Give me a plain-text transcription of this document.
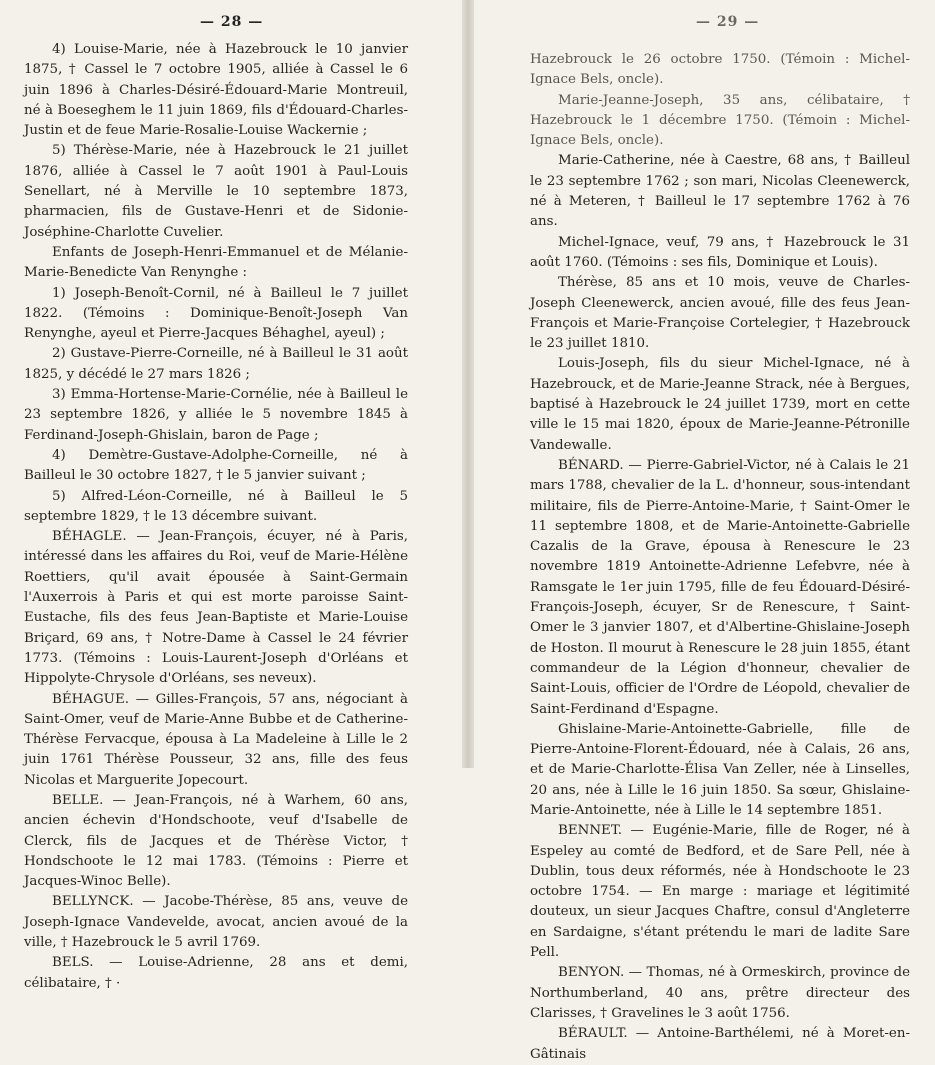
— 28 —

4) Louise-Marie, née à Hazebrouck le 10 janvier 1875, † Cassel le 7 octobre 1905, alliée à Cassel le 6 juin 1896 à Charles-Désiré-Édouard-Marie Montreuil, né à Boeseghem le 11 juin 1869, fils d'Édouard-Charles-Justin et de feue Marie-Rosalie-Louise Wackernie ;

5) Thérèse-Marie, née à Hazebrouck le 21 juillet 1876, alliée à Cassel le 7 août 1901 à Paul-Louis Senellart, né à Merville le 10 septembre 1873, pharmacien, fils de Gustave-Henri et de Sidonie-Joséphine-Charlotte Cuvelier.

Enfants de Joseph-Henri-Emmanuel et de Mélanie-Marie-Benedicte Van Renynghe :

1) Joseph-Benoît-Cornil, né à Bailleul le 7 juillet 1822. (Témoins : Dominique-Benoît-Joseph Van Renynghe, ayeul et Pierre-Jacques Béhaghel, ayeul) ;

2) Gustave-Pierre-Corneille, né à Bailleul le 31 août 1825, y décédé le 27 mars 1826 ;

3) Emma-Hortense-Marie-Cornélie, née à Bailleul le 23 septembre 1826, y alliée le 5 novembre 1845 à Ferdinand-Joseph-Ghislain, baron de Page ;

4) Demètre-Gustave-Adolphe-Corneille, né à Bailleul le 30 octobre 1827, † le 5 janvier suivant ;

5) Alfred-Léon-Corneille, né à Bailleul le 5 septembre 1829, † le 13 décembre suivant.

BÉHAGLE. — Jean-François, écuyer, né à Paris, intéressé dans les affaires du Roi, veuf de Marie-Hélène Roettiers, qu'il avait épousée à Saint-Germain l'Auxerrois à Paris et qui est morte paroisse Saint-Eustache, fils des feus Jean-Baptiste et Marie-Louise Briçard, 69 ans, † Notre-Dame à Cassel le 24 février 1773. (Témoins : Louis-Laurent-Joseph d'Orléans et Hippolyte-Chrysole d'Orléans, ses neveux).

BÉHAGUE. — Gilles-François, 57 ans, négociant à Saint-Omer, veuf de Marie-Anne Bubbe et de Catherine-Thérèse Fervacque, épousa à La Madeleine à Lille le 2 juin 1761 Thérèse Pousseur, 32 ans, fille des feus Nicolas et Marguerite Jopecourt.

BELLE. — Jean-François, né à Warhem, 60 ans, ancien échevin d'Hondschoote, veuf d'Isabelle de Clerck, fils de Jacques et de Thérèse Victor, † Hondschoote le 12 mai 1783. (Témoins : Pierre et Jacques-Winoc Belle).

BELLYNCK. — Jacobe-Thérèse, 85 ans, veuve de Joseph-Ignace Vandevelde, avocat, ancien avoué de la ville, † Hazebrouck le 5 avril 1769.

BELS. — Louise-Adrienne, 28 ans et demi, célibataire, † ·

— 29 —

Hazebrouck le 26 octobre 1750. (Témoin : Michel-Ignace Bels, oncle).

Marie-Jeanne-Joseph, 35 ans, célibataire, † Hazebrouck le 1 décembre 1750. (Témoin : Michel-Ignace Bels, oncle).

Marie-Catherine, née à Caestre, 68 ans, † Bailleul le 23 septembre 1762 ; son mari, Nicolas Cleenewerck, né à Meteren, † Bailleul le 17 septembre 1762 à 76 ans.

Michel-Ignace, veuf, 79 ans, † Hazebrouck le 31 août 1760. (Témoins : ses fils, Dominique et Louis).

Thérèse, 85 ans et 10 mois, veuve de Charles-Joseph Cleenewerck, ancien avoué, fille des feus Jean-François et Marie-Françoise Cortelegier, † Hazebrouck le 23 juillet 1810.

Louis-Joseph, fils du sieur Michel-Ignace, né à Hazebrouck, et de Marie-Jeanne Strack, née à Bergues, baptisé à Hazebrouck le 24 juillet 1739, mort en cette ville le 15 mai 1820, époux de Marie-Jeanne-Pétronille Vandewalle.

BÉNARD. — Pierre-Gabriel-Victor, né à Calais le 21 mars 1788, chevalier de la L. d'honneur, sous-intendant militaire, fils de Pierre-Antoine-Marie, † Saint-Omer le 11 septembre 1808, et de Marie-Antoinette-Gabrielle Cazalis de la Grave, épousa à Renescure le 23 novembre 1819 Antoinette-Adrienne Lefebvre, née à Ramsgate le 1er juin 1795, fille de feu Édouard-Désiré-François-Joseph, écuyer, Sr de Renescure, † Saint-Omer le 3 janvier 1807, et d'Albertine-Ghislaine-Joseph de Hoston. Il mourut à Renescure le 28 juin 1855, étant commandeur de la Légion d'honneur, chevalier de Saint-Louis, officier de l'Ordre de Léopold, chevalier de Saint-Ferdinand d'Espagne.

Ghislaine-Marie-Antoinette-Gabrielle, fille de Pierre-Antoine-Florent-Édouard, née à Calais, 26 ans, et de Marie-Charlotte-Élisa Van Zeller, née à Linselles, 20 ans, née à Lille le 16 juin 1850. Sa sœur, Ghislaine-Marie-Antoinette, née à Lille le 14 septembre 1851.

BENNET. — Eugénie-Marie, fille de Roger, né à Espeley au comté de Bedford, et de Sare Pell, née à Dublin, tous deux réformés, née à Hondschoote le 23 octobre 1754. — En marge : mariage et légitimité douteux, un sieur Jacques Chaftre, consul d'Angleterre en Sardaigne, s'étant prétendu le mari de ladite Sare Pell.

BENYON. — Thomas, né à Ormeskirch, province de Northumberland, 40 ans, prêtre directeur des Clarisses, † Gravelines le 3 août 1756.

BÉRAULT. — Antoine-Barthélemi, né à Moret-en-Gâtinais
